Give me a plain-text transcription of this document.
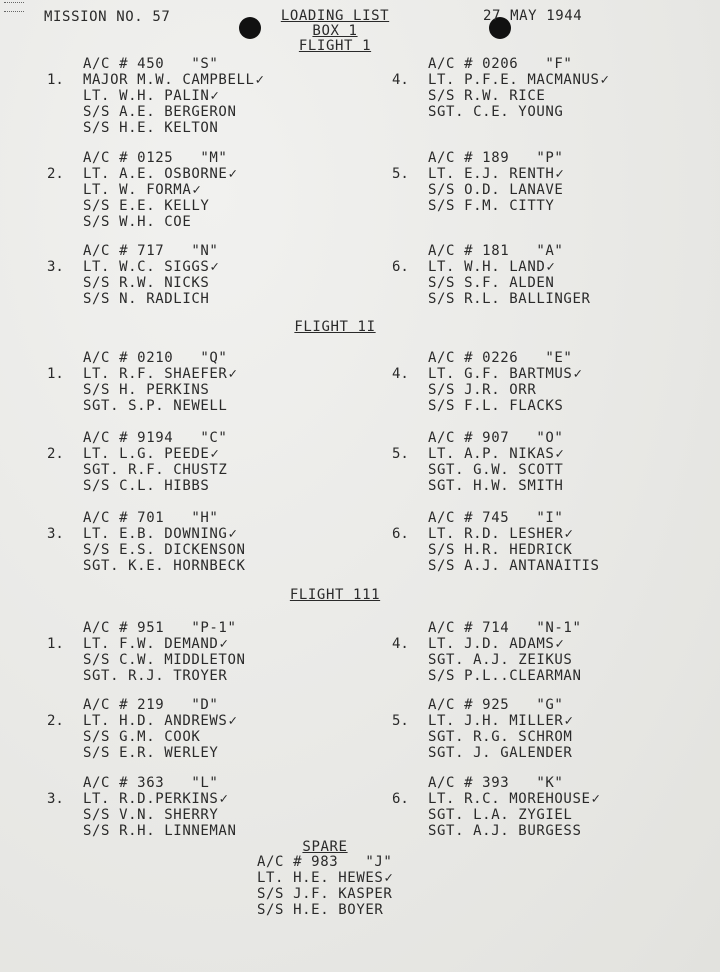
MISSION NO. 57	LOADING LIST	27 MAY 1944
BOX 1
FLIGHT 1
FLIGHT 1I
FLIGHT 111
1.
A/C # 450   "S"
MAJOR M.W. CAMPBELL✓
LT. W.H. PALIN✓
S/S A.E. BERGERON
S/S H.E. KELTON
2.
A/C # 0125   "M"
LT. A.E. OSBORNE✓
LT. W. FORMA✓
S/S E.E. KELLY
S/S W.H. COE
3.
A/C # 717   "N"
LT. W.C. SIGGS✓
S/S R.W. NICKS
S/S N. RADLICH
4.
A/C # 0206   "F"
LT. P.F.E. MACMANUS✓
S/S R.W. RICE
SGT. C.E. YOUNG
5.
A/C # 189   "P"
LT. E.J. RENTH✓
S/S O.D. LANAVE
S/S F.M. CITTY
6.
A/C # 181   "A"
LT. W.H. LAND✓
S/S S.F. ALDEN
S/S R.L. BALLINGER
1.
A/C # 0210   "Q"
LT. R.F. SHAEFER✓
S/S H. PERKINS
SGT. S.P. NEWELL
2.
A/C # 9194   "C"
LT. L.G. PEEDE✓
SGT. R.F. CHUSTZ
S/S C.L. HIBBS
3.
A/C # 701   "H"
LT. E.B. DOWNING✓
S/S E.S. DICKENSON
SGT. K.E. HORNBECK
4.
A/C # 0226   "E"
LT. G.F. BARTMUS✓
S/S J.R. ORR
S/S F.L. FLACKS
5.
A/C # 907   "O"
LT. A.P. NIKAS✓
SGT. G.W. SCOTT
SGT. H.W. SMITH
6.
A/C # 745   "I"
LT. R.D. LESHER✓
S/S H.R. HEDRICK
S/S A.J. ANTANAITIS
1.
A/C # 951   "P-1"
LT. F.W. DEMAND✓
S/S C.W. MIDDLETON
SGT. R.J. TROYER
2.
A/C # 219   "D"
LT. H.D. ANDREWS✓
S/S G.M. COOK
S/S E.R. WERLEY
3.
A/C # 363   "L"
LT. R.D.PERKINS✓
S/S V.N. SHERRY
S/S R.H. LINNEMAN
4.
A/C # 714   "N-1"
LT. J.D. ADAMS✓
SGT. A.J. ZEIKUS
S/S P.L..CLEARMAN
5.
A/C # 925   "G"
LT. J.H. MILLER✓
SGT. R.G. SCHROM
SGT. J. GALENDER
6.
A/C # 393   "K"
LT. R.C. MOREHOUSE✓
SGT. L.A. ZYGIEL
SGT. A.J. BURGESS
SPARE
A/C # 983   "J"
LT. H.E. HEWES✓
S/S J.F. KASPER
S/S H.E. BOYER
